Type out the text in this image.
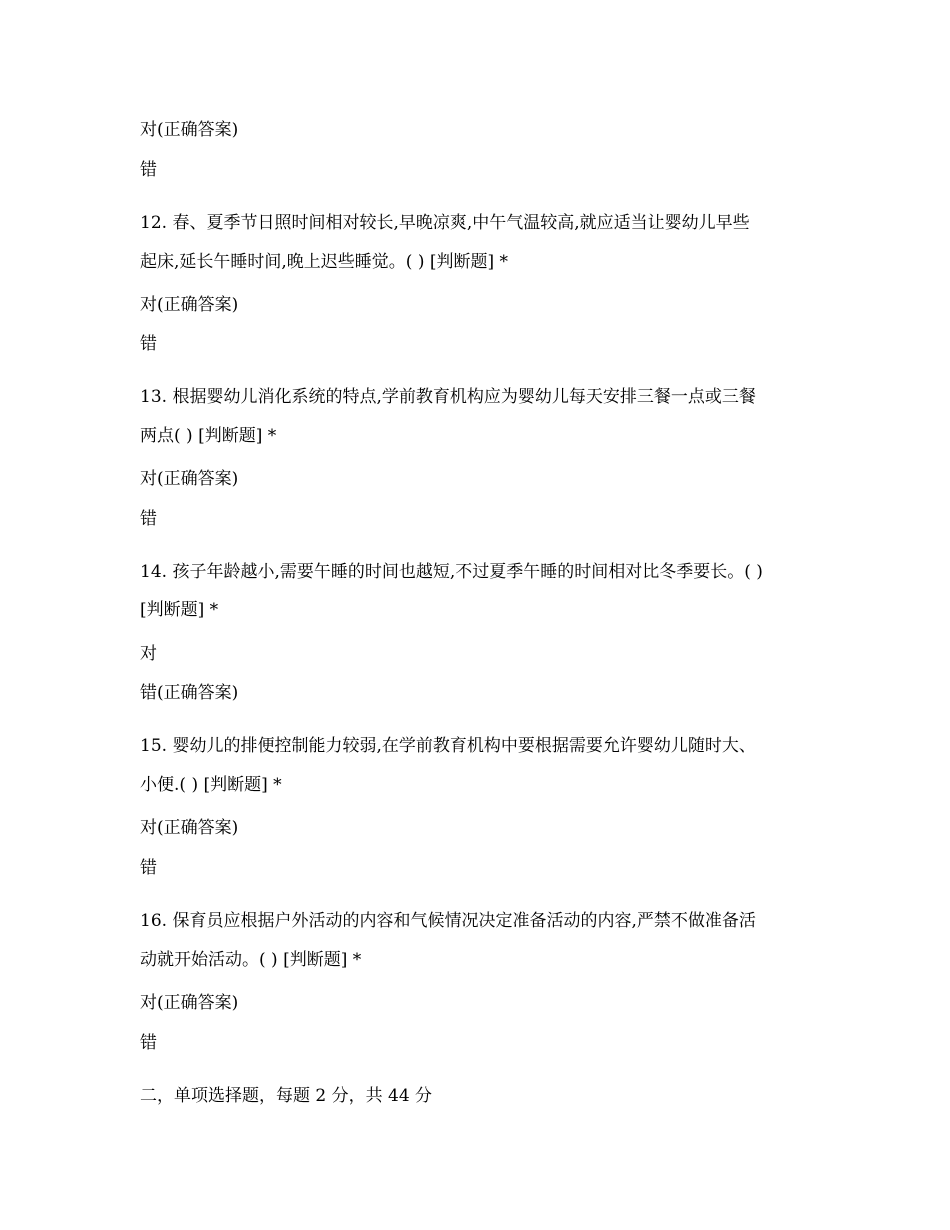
对(正确答案)
错
12. 春、夏季节日照时间相对较长,早晚凉爽,中午气温较高,就应适当让婴幼儿早些
起床,延长午睡时间,晚上迟些睡觉。( ) [判断题] *
对(正确答案)
错
13. 根据婴幼儿消化系统的特点,学前教育机构应为婴幼儿每天安排三餐一点或三餐
两点( ) [判断题] *
对(正确答案)
错
14. 孩子年龄越小,需要午睡的时间也越短,不过夏季午睡的时间相对比冬季要长。( )
[判断题] *
对
错(正确答案)
15. 婴幼儿的排便控制能力较弱,在学前教育机构中要根据需要允许婴幼儿随时大、
小便.( ) [判断题] *
对(正确答案)
错
16. 保育员应根据户外活动的内容和气候情况决定准备活动的内容,严禁不做准备活
动就开始活动。( ) [判断题] *
对(正确答案)
错
二，单项选择题，每题 2 分，共 44 分
